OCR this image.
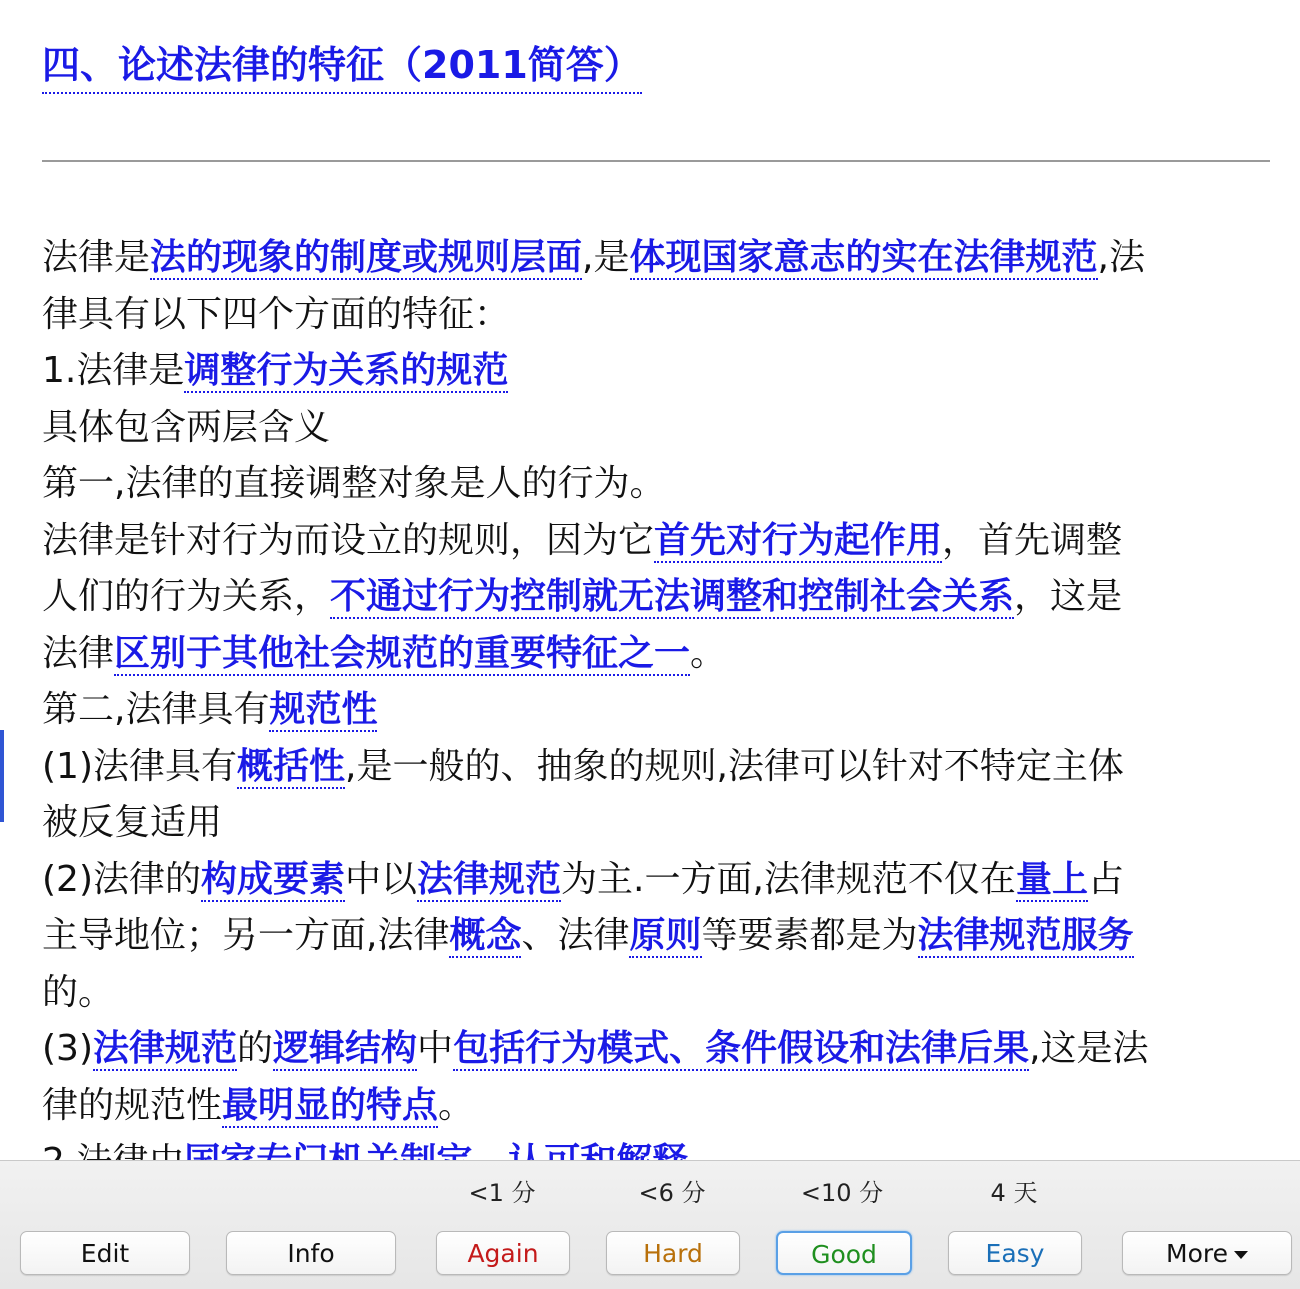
四、论述法律的特征（2011简答）
法律是法的现象的制度或规则层面,是体现国家意志的实在法律规范,法
律具有以下四个方面的特征：
1.法律是调整行为关系的规范
具体包含两层含义
第一,法律的直接调整对象是人的行为。
法律是针对行为而设立的规则，因为它首先对行为起作用，首先调整
人们的行为关系，不通过行为控制就无法调整和控制社会关系，这是
法律区别于其他社会规范的重要特征之一。
第二,法律具有规范性
(1)法律具有概括性,是一般的、抽象的规则,法律可以针对不特定主体
被反复适用
(2)法律的构成要素中以法律规范为主.一方面,法律规范不仅在量上占
主导地位；另一方面,法律概念、法律原则等要素都是为法律规范服务
的。
(3)法律规范的逻辑结构中包括行为模式、条件假设和法律后果,这是法
律的规范性最明显的特点。
<1 分	<6 分	<10 分	4 天
Edit	Info	Again	Hard	Good	Easy	More
